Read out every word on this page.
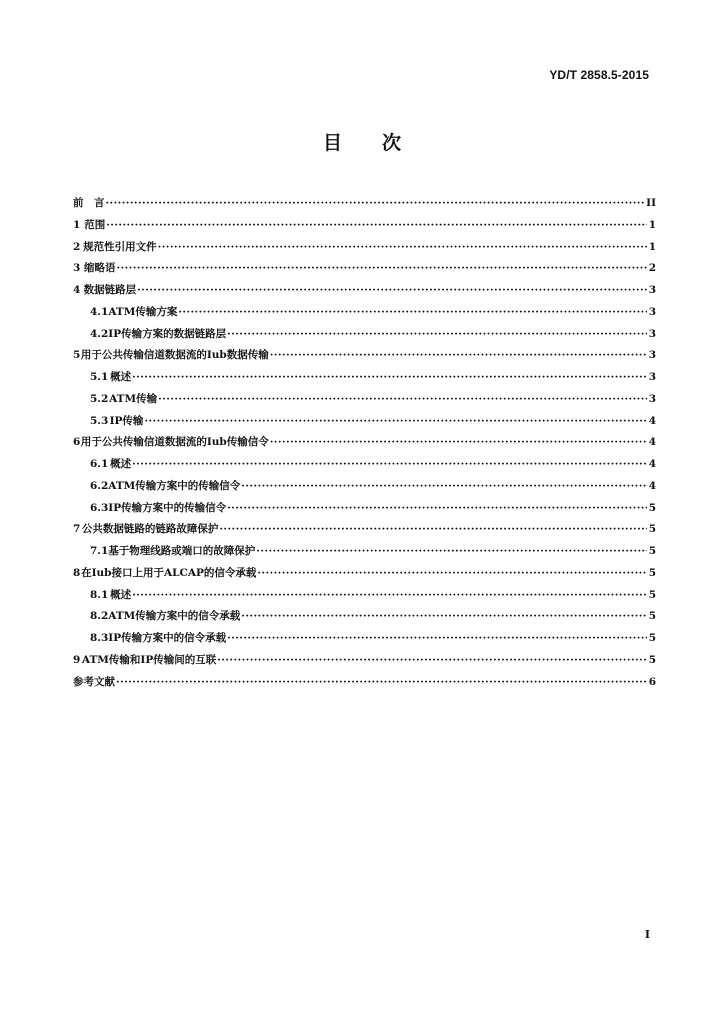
YD/T 2858.5-2015
目次
前　言 ·····	II
1 范围 ·····	1
2 规范性引用文件 ·····	1
3 缩略语 ·····	2
4 数据链路层 ·····	3
4.1 ATM传输方案 ·····	3
4.2 IP传输方案的数据链路层 ·····	3
5 用于公共传输信道数据流的Iub数据传输 ·····	3
5.1 概述 ·····	3
5.2 ATM传输 ·····	3
5.3 IP传输 ·····	4
6 用于公共传输信道数据流的Iub传输信令 ·····	4
6.1 概述 ·····	4
6.2 ATM传输方案中的传输信令 ·····	4
6.3 IP传输方案中的传输信令 ·····	5
7 公共数据链路的链路故障保护 ·····	5
7.1 基于物理线路或端口的故障保护 ·····	5
8 在Iub接口上用于ALCAP的信令承载 ·····	5
8.1 概述 ·····	5
8.2 ATM传输方案中的信令承载 ·····	5
8.3 IP传输方案中的信令承载 ·····	5
9 ATM传输和IP传输间的互联 ·····	5
参考文献 ·····	6
I
